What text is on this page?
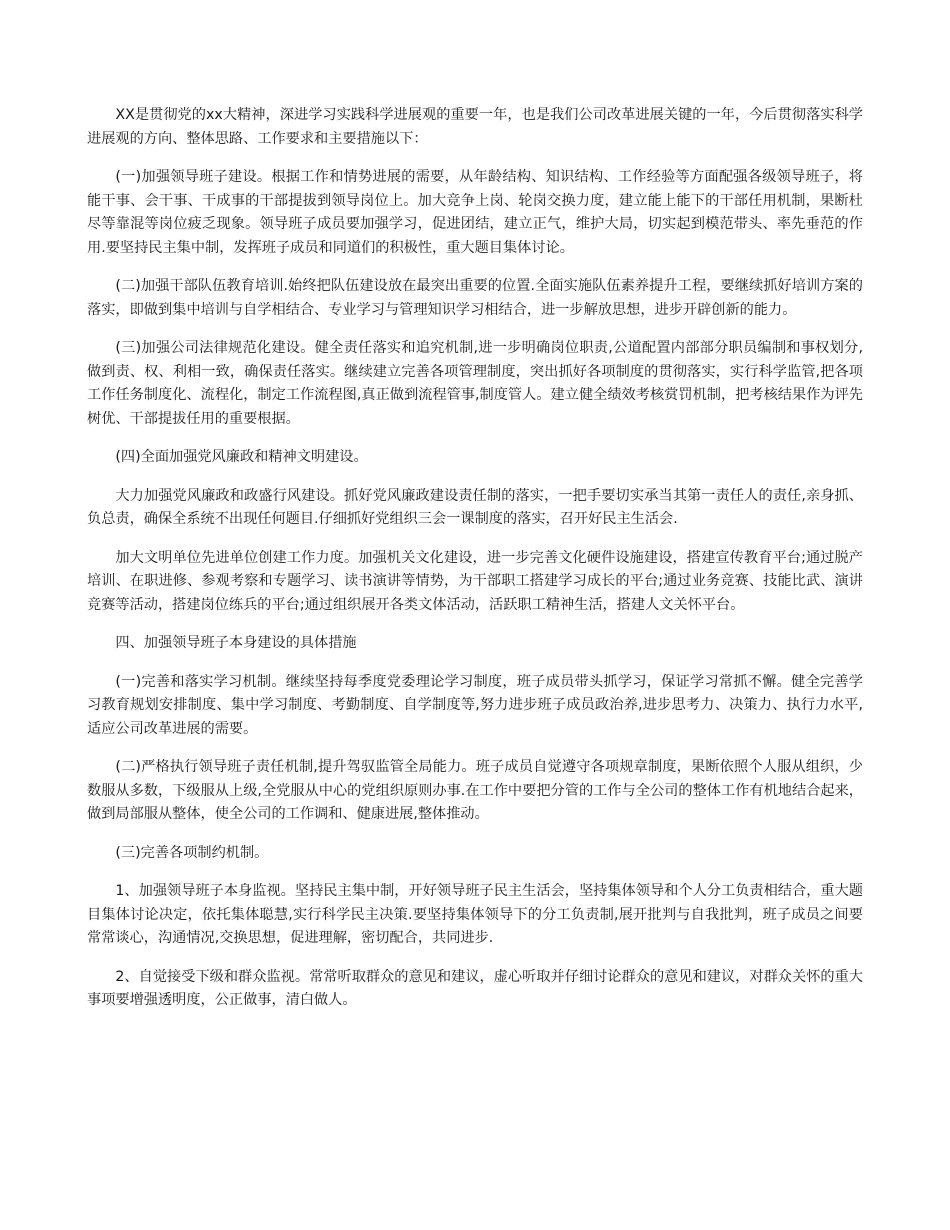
XX是贯彻党的xx大精神，深进学习实践科学进展观的重要一年，也是我们公司改革进展关键的一年，今后贯彻落实科学进展观的方向、整体思路、工作要求和主要措施以下：

(一)加强领导班子建设。根据工作和情势进展的需要，从年龄结构、知识结构、工作经验等方面配强各级领导班子，将能干事、会干事、干成事的干部提拔到领导岗位上。加大竞争上岗、轮岗交换力度，建立能上能下的干部任用机制，果断杜尽等靠混等岗位疲乏现象。领导班子成员要加强学习，促进团结，建立正气，维护大局，切实起到模范带头、率先垂范的作用.要坚持民主集中制，发挥班子成员和同道们的积极性，重大题目集体讨论。

(二)加强干部队伍教育培训.始终把队伍建设放在最突出重要的位置.全面实施队伍素养提升工程，要继续抓好培训方案的落实，即做到集中培训与自学相结合、专业学习与管理知识学习相结合，进一步解放思想，进步开辟创新的能力。

(三)加强公司法律规范化建设。健全责任落实和追究机制,进一步明确岗位职责,公道配置内部部分职员编制和事权划分,做到责、权、利相一致，确保责任落实。继续建立完善各项管理制度，突出抓好各项制度的贯彻落实，实行科学监管,把各项工作任务制度化、流程化，制定工作流程图,真正做到流程管事,制度管人。建立健全绩效考核赏罚机制，把考核结果作为评先树优、干部提拔任用的重要根据。

(四)全面加强党风廉政和精神文明建设。

大力加强党风廉政和政盛行风建设。抓好党风廉政建设责任制的落实，一把手要切实承当其第一责任人的责任,亲身抓、负总责，确保全系统不出现任何题目.仔细抓好党组织三会一课制度的落实，召开好民主生活会.

加大文明单位先进单位创建工作力度。加强机关文化建设，进一步完善文化硬件设施建设，搭建宣传教育平台;通过脱产培训、在职进修、参观考察和专题学习、读书演讲等情势，为干部职工搭建学习成长的平台;通过业务竞赛、技能比武、演讲竞赛等活动，搭建岗位练兵的平台;通过组织展开各类文体活动，活跃职工精神生活，搭建人文关怀平台。

四、加强领导班子本身建设的具体措施

(一)完善和落实学习机制。继续坚持每季度党委理论学习制度，班子成员带头抓学习，保证学习常抓不懈。健全完善学习教育规划安排制度、集中学习制度、考勤制度、自学制度等,努力进步班子成员政治养,进步思考力、决策力、执行力水平,适应公司改革进展的需要。

(二)严格执行领导班子责任机制,提升驾驭监管全局能力。班子成员自觉遵守各项规章制度，果断依照个人服从组织，少数服从多数，下级服从上级,全党服从中心的党组织原则办事.在工作中要把分管的工作与全公司的整体工作有机地结合起来，做到局部服从整体，使全公司的工作调和、健康进展,整体推动。

(三)完善各项制约机制。

1、加强领导班子本身监视。坚持民主集中制，开好领导班子民主生活会，坚持集体领导和个人分工负责相结合，重大题目集体讨论决定，依托集体聪慧,实行科学民主决策.要坚持集体领导下的分工负责制,展开批判与自我批判，班子成员之间要常常谈心，沟通情况,交换思想，促进理解，密切配合，共同进步.

2、自觉接受下级和群众监视。常常听取群众的意见和建议，虚心听取并仔细讨论群众的意见和建议，对群众关怀的重大事项要增强透明度，公正做事，清白做人。
